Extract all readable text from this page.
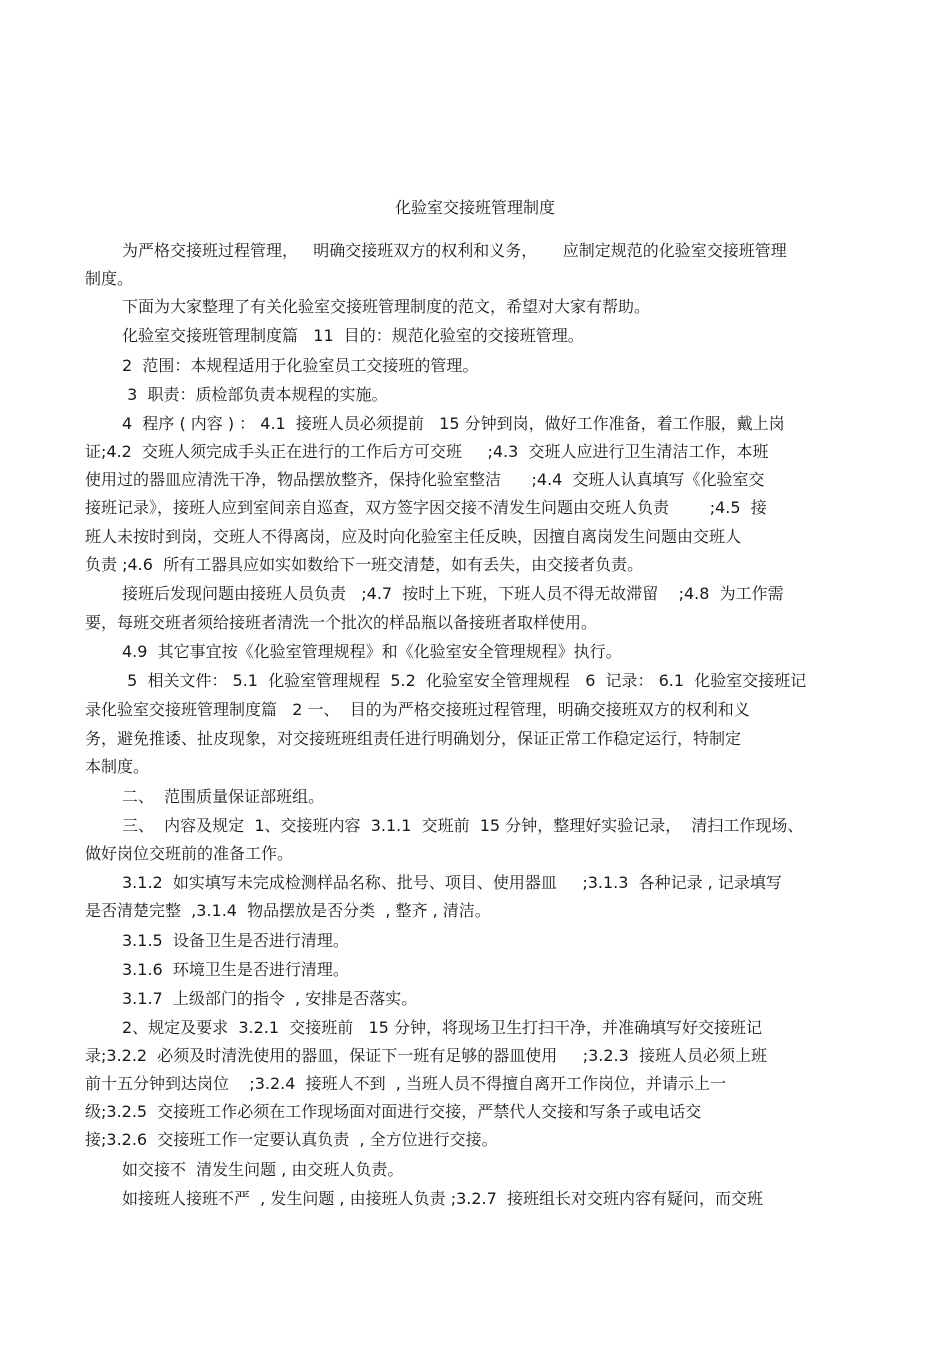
化验室交接班管理制度
为严格交接班过程管理，   明确交接班双方的权利和义务，     应制定规范的化验室交接班管理
制度。
下面为大家整理了有关化验室交接班管理制度的范文，希望对大家有帮助。
化验室交接班管理制度篇   11  目的：规范化验室的交接班管理。
2  范围：本规程适用于化验室员工交接班的管理。
3  职责：质检部负责本规程的实施。
4  程序 ( 内容 ) ： 4.1  接班人员必须提前   15 分钟到岗，做好工作准备，着工作服，戴上岗
证;4.2  交班人须完成手头正在进行的工作后方可交班     ;4.3  交班人应进行卫生清洁工作，本班
使用过的器皿应清洗干净，物品摆放整齐，保持化验室整洁      ;4.4  交班人认真填写《化验室交
接班记录》，接班人应到室间亲自巡查，双方签字因交接不清发生问题由交班人负责        ;4.5  接
班人未按时到岗，交班人不得离岗，应及时向化验室主任反映，因擅自离岗发生问题由交班人
负责 ;4.6  所有工器具应如实如数给下一班交清楚，如有丢失，由交接者负责。
接班后发现问题由接班人员负责   ;4.7  按时上下班，下班人员不得无故滞留    ;4.8  为工作需
要，每班交班者须给接班者清洗一个批次的样品瓶以备接班者取样使用。
4.9  其它事宜按《化验室管理规程》和《化验室安全管理规程》执行。
5  相关文件： 5.1  化验室管理规程  5.2  化验室安全管理规程   6  记录： 6.1  化验室交接班记
录化验室交接班管理制度篇   2 一、  目的为严格交接班过程管理，明确交接班双方的权利和义
务，避免推诿、扯皮现象，对交接班班组责任进行明确划分，保证正常工作稳定运行，特制定
本制度。
二、  范围质量保证部班组。
三、  内容及规定  1、交接班内容  3.1.1  交班前  15 分钟，整理好实验记录，  清扫工作现场、
做好岗位交班前的准备工作。
3.1.2  如实填写未完成检测样品名称、批号、项目、使用器皿     ;3.1.3  各种记录 , 记录填写
是否清楚完整  ,3.1.4  物品摆放是否分类  , 整齐 , 清洁。
3.1.5  设备卫生是否进行清理。
3.1.6  环境卫生是否进行清理。
3.1.7  上级部门的指令  , 安排是否落实。
2、规定及要求  3.2.1  交接班前   15 分钟，将现场卫生打扫干净，并准确填写好交接班记
录;3.2.2  必须及时清洗使用的器皿，保证下一班有足够的器皿使用     ;3.2.3  接班人员必须上班
前十五分钟到达岗位    ;3.2.4  接班人不到  , 当班人员不得擅自离开工作岗位，并请示上一
级;3.2.5  交接班工作必须在工作现场面对面进行交接，严禁代人交接和写条子或电话交
接;3.2.6  交接班工作一定要认真负责  , 全方位进行交接。
如交接不  清发生问题 , 由交班人负责。
如接班人接班不严  , 发生问题 , 由接班人负责 ;3.2.7  接班组长对交班内容有疑问，而交班
